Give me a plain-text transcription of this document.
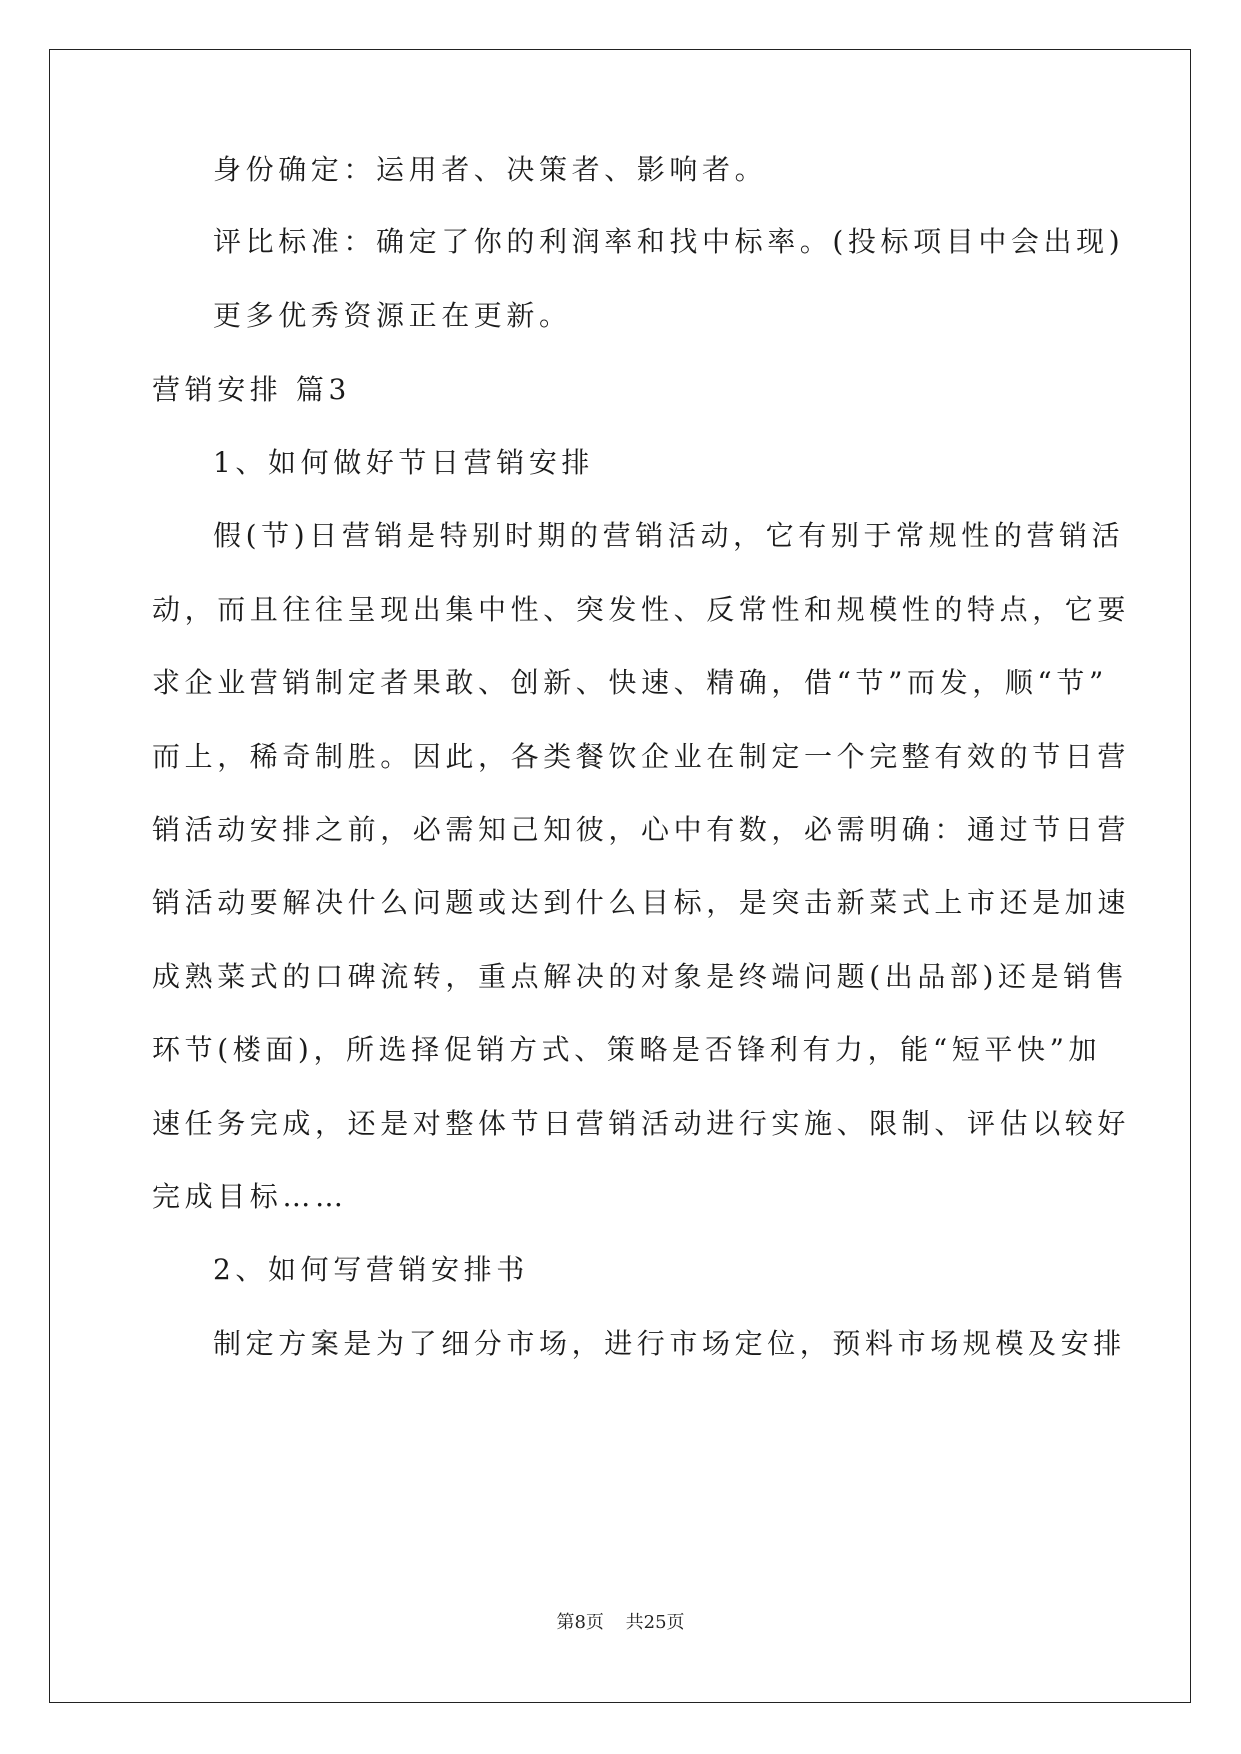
身份确定：运用者、决策者、影响者。
评比标准：确定了你的利润率和找中标率。(投标项目中会出现)
更多优秀资源正在更新。
营销安排 篇3
1、如何做好节日营销安排
假(节)日营销是特别时期的营销活动，它有别于常规性的营销活
动，而且往往呈现出集中性、突发性、反常性和规模性的特点，它要
求企业营销制定者果敢、创新、快速、精确，借“节”而发，顺“节”
而上，稀奇制胜。因此，各类餐饮企业在制定一个完整有效的节日营
销活动安排之前，必需知己知彼，心中有数，必需明确：通过节日营
销活动要解决什么问题或达到什么目标，是突击新菜式上市还是加速
成熟菜式的口碑流转，重点解决的对象是终端问题(出品部)还是销售
环节(楼面)，所选择促销方式、策略是否锋利有力，能“短平快”加
速任务完成，还是对整体节日营销活动进行实施、限制、评估以较好
完成目标……
2、如何写营销安排书
制定方案是为了细分市场，进行市场定位，预料市场规模及安排
第8页 共25页
